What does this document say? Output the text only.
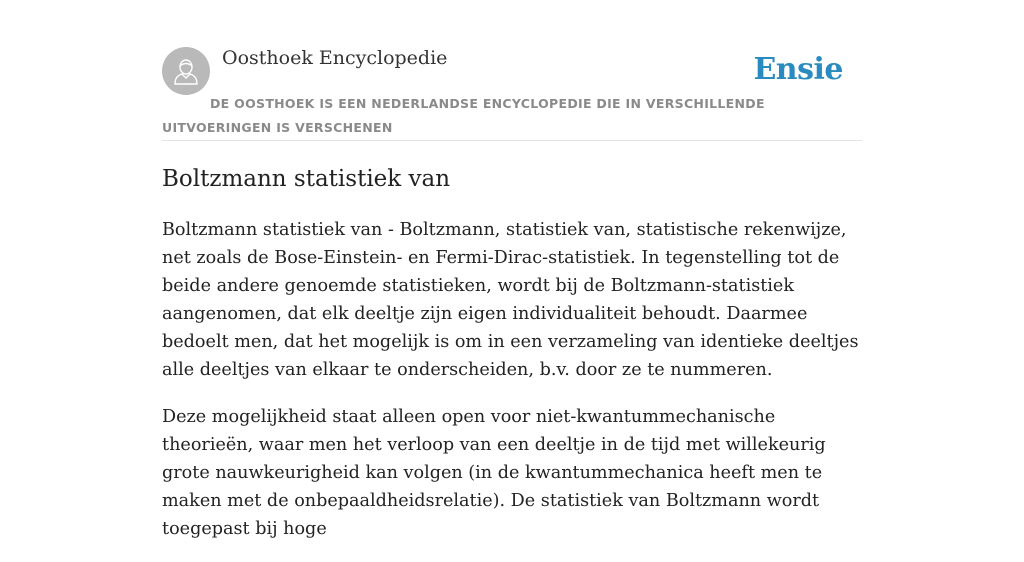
Oosthoek Encyclopedie	Ensie
DE OOSTHOEK IS EEN NEDERLANDSE ENCYCLOPEDIE DIE IN VERSCHILLENDE UITVOERINGEN IS VERSCHENEN
Boltzmann statistiek van

Boltzmann statistiek van - Boltzmann, statistiek van, statistische rekenwijze, net zoals de Bose-Einstein- en Fermi-Dirac-statistiek. In tegenstelling tot de beide andere genoemde statistieken, wordt bij de Boltzmann-statistiek aangenomen, dat elk deeltje zijn eigen individualiteit behoudt. Daarmee bedoelt men, dat het mogelijk is om in een verzameling van identieke deeltjes alle deeltjes van elkaar te onderscheiden, b.v. door ze te nummeren.

Deze mogelijkheid staat alleen open voor niet-kwantummechanische theorieën, waar men het verloop van een deeltje in de tijd met willekeurig grote nauwkeurigheid kan volgen (in de kwantummechanica heeft men te maken met de onbepaaldheidsrelatie). De statistiek van Boltzmann wordt toegepast bij hoge
